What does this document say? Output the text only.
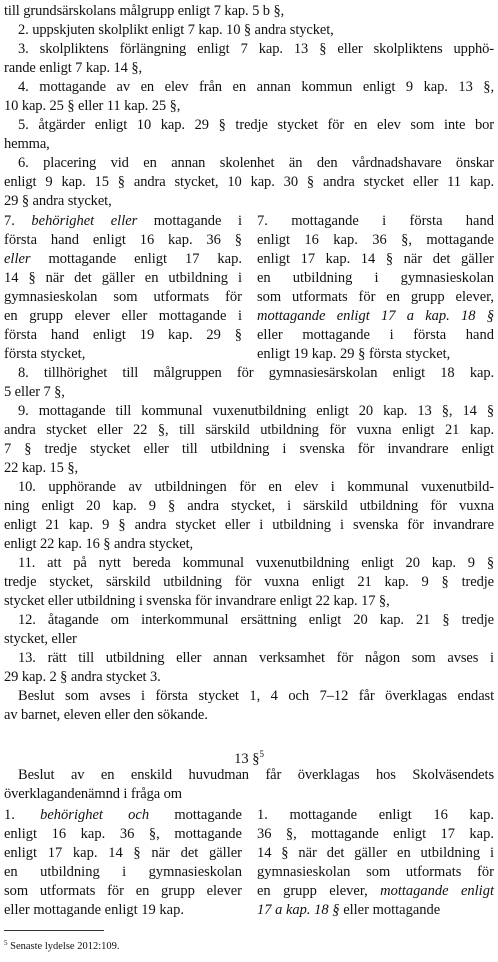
till grundsärskolans målgrupp enligt 7 kap. 5 b §,
2. uppskjuten skolplikt enligt 7 kap. 10 § andra stycket,
3. skolpliktens förlängning enligt 7 kap. 13 § eller skolpliktens upphö-
rande enligt 7 kap. 14 §,
4. mottagande av en elev från en annan kommun enligt 9 kap. 13 §,
10 kap. 25 § eller 11 kap. 25 §,
5. åtgärder enligt 10 kap. 29 § tredje stycket för en elev som inte bor
hemma,
6. placering vid en annan skolenhet än den vårdnadshavare önskar
enligt 9 kap. 15 § andra stycket, 10 kap. 30 § andra stycket eller 11 kap.
29 § andra stycket,
7. behörighet eller mottagande i
första hand enligt 16 kap. 36 §
eller mottagande enligt 17 kap.
14 § när det gäller en utbildning i
gymnasieskolan som utformats för
en grupp elever eller mottagande i
första hand enligt 19 kap. 29 §
första stycket,
7. mottagande i första hand
enligt 16 kap. 36 §, mottagande
enligt 17 kap. 14 § när det gäller
en utbildning i gymnasieskolan
som utformats för en grupp elever,
mottagande enligt 17 a kap. 18 §
eller mottagande i första hand
enligt 19 kap. 29 § första stycket,
8. tillhörighet till målgruppen för gymnasiesärskolan enligt 18 kap.
5 eller 7 §,
9. mottagande till kommunal vuxenutbildning enligt 20 kap. 13 §, 14 §
andra stycket eller 22 §, till särskild utbildning för vuxna enligt 21 kap.
7 § tredje stycket eller till utbildning i svenska för invandrare enligt
22 kap. 15 §,
10. upphörande av utbildningen för en elev i kommunal vuxenutbild-
ning enligt 20 kap. 9 § andra stycket, i särskild utbildning för vuxna
enligt 21 kap. 9 § andra stycket eller i utbildning i svenska för invandrare
enligt 22 kap. 16 § andra stycket,
11. att på nytt bereda kommunal vuxenutbildning enligt 20 kap. 9 §
tredje stycket, särskild utbildning för vuxna enligt 21 kap. 9 § tredje
stycket eller utbildning i svenska för invandrare enligt 22 kap. 17 §,
12. åtagande om interkommunal ersättning enligt 20 kap. 21 § tredje
stycket, eller
13. rätt till utbildning eller annan verksamhet för någon som avses i
29 kap. 2 § andra stycket 3.
Beslut som avses i första stycket 1, 4 och 7–12 får överklagas endast
av barnet, eleven eller den sökande.
13 §$^5$
Beslut av en enskild huvudman får överklagas hos Skolväsendets
överklagandenämnd i fråga om
1. behörighet och mottagande
enligt 16 kap. 36 §, mottagande
enligt 17 kap. 14 § när det gäller
en utbildning i gymnasieskolan
som utformats för en grupp elever
eller mottagande enligt 19 kap.
1. mottagande enligt 16 kap.
36 §, mottagande enligt 17 kap.
14 § när det gäller en utbildning i
gymnasieskolan som utformats för
en grupp elever, mottagande enligt
17 a kap. 18 § eller mottagande
$^5$ Senaste lydelse 2012:109.
